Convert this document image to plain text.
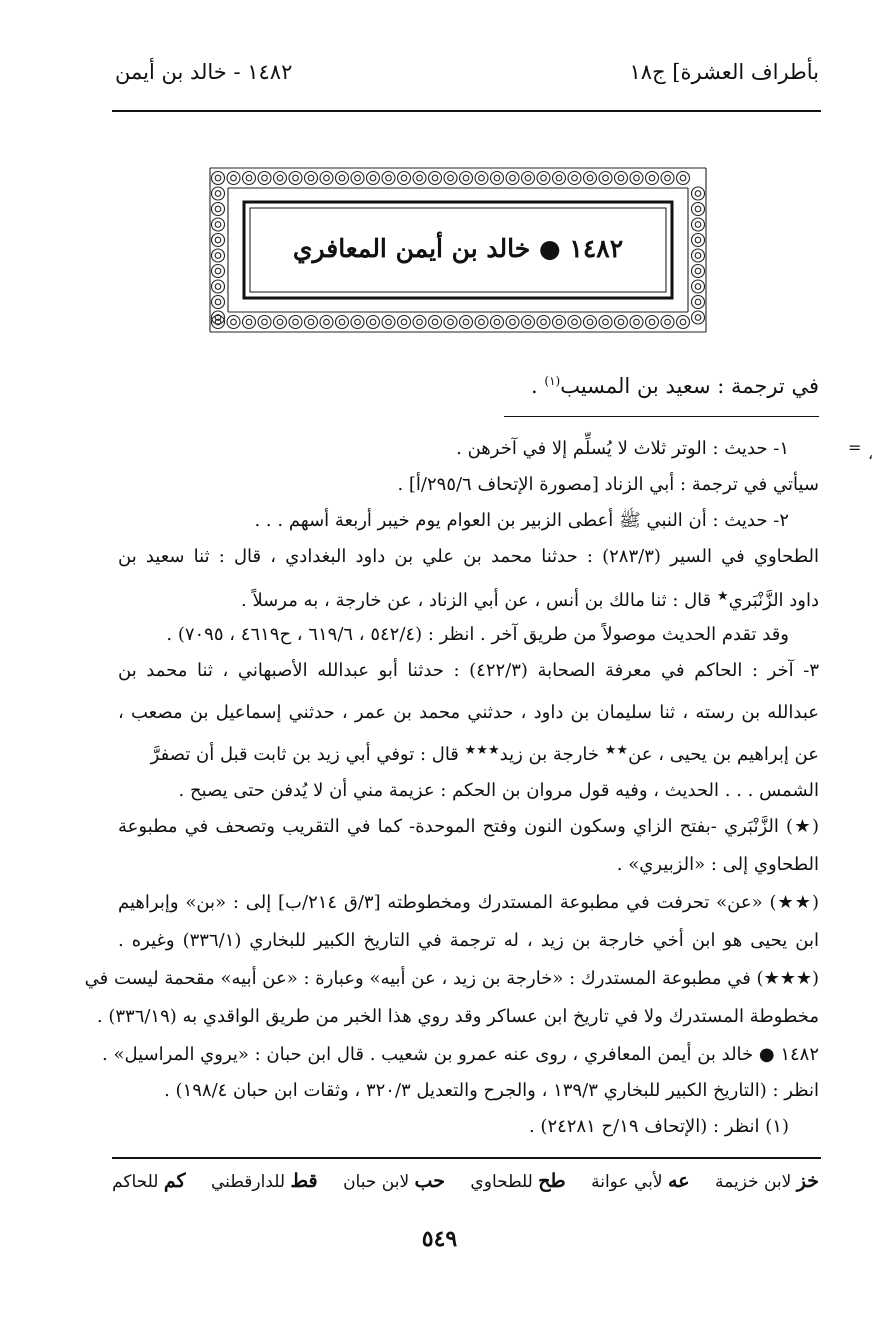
بأطراف العشرة] ج١٨
١٤٨٢ - خالد بن أيمن
١٤٨٢ ● خالد بن أيمن المعافري
في ترجمة : سعيد بن المسيب$^{(١)}$ .
١- حديث : الوتر ثلاث لا يُسلِّم إلا في آخرهن .
سيأتي في ترجمة : أبي الزناد [مصورة الإتحاف ٢٩٥/٦/أ] .
٢- حديث : أن النبي ﷺ أعطى الزبير بن العوام يوم خيبر أربعة أسهم . . .
الطحاوي في السير (٢٨٣/٣) : حدثنا محمد بن علي بن داود البغدادي ، قال : ثنا سعيد بن
داود الزَّنْبَري★ قال : ثنا مالك بن أنس ، عن أبي الزناد ، عن خارجة ، به مرسلاً .
وقد تقدم الحديث موصولاً من طريق آخر . انظر : (٥٤٢/٤ ، ٦١٩/٦ ، ح٤٦١٩ ، ٧٠٩٥) .
٣- آخر : الحاكم في معرفة الصحابة (٤٢٢/٣) : حدثنا أبو عبدالله الأصبهاني ، ثنا محمد بن
عبدالله بن رسته ، ثنا سليمان بن داود ، حدثني محمد بن عمر ، حدثني إسماعيل بن مصعب ،
عن إبراهيم بن يحيى ، عن★★ خارجة بن زيد★★★ قال : توفي أبي زيد بن ثابت قبل أن تصفرَّ
الشمس . . . الحديث ، وفيه قول مروان بن الحكم : عزيمة مني أن لا يُدفن حتى يصبح .
(★) الزَّنْبَري -بفتح الزاي وسكون النون وفتح الموحدة- كما في التقريب وتصحف في مطبوعة
الطحاوي إلى : «الزبيري» .
(★★) «عن» تحرفت في مطبوعة المستدرك ومخطوطته [٣/ق ٢١٤/ب] إلى : «بن» وإبراهيم
ابن يحيى هو ابن أخي خارجة بن زيد ، له ترجمة في التاريخ الكبير للبخاري (٣٣٦/١) وغيره .
(★★★) في مطبوعة المستدرك : «خارجة بن زيد ، عن أبيه» وعبارة : «عن أبيه» مقحمة ليست في
مخطوطة المستدرك ولا في تاريخ ابن عساكر وقد روي هذا الخبر من طريق الواقدي به (٣٣٦/١٩) .
١٤٨٢ ● خالد بن أيمن المعافري ، روى عنه عمرو بن شعيب . قال ابن حبان : «يروي المراسيل» .
انظر : (التاريخ الكبير للبخاري ١٣٩/٣ ، والجرح والتعديل ٣٢٠/٣ ، وثقات ابن حبان ١٩٨/٤) .
(١) انظر : (الإتحاف ١٩/ح ٢٤٢٨١) .
= ،
خز لابن خزيمة
عه لأبي عوانة
طح للطحاوي
حب لابن حبان
قط للدارقطني
كم للحاكم
٥٤٩
